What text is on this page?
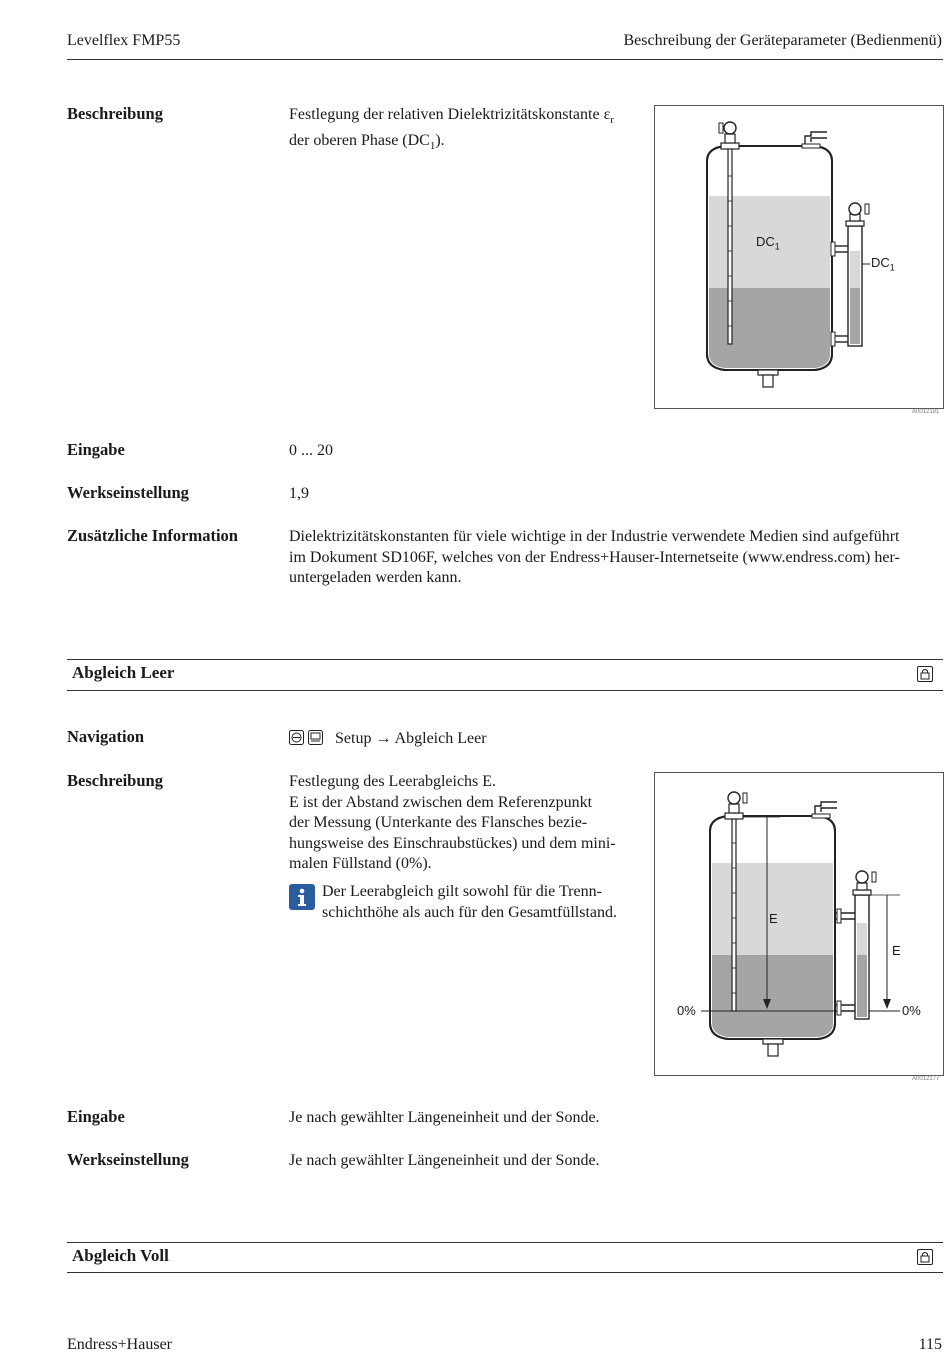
Levelflex FMP55	Beschreibung der Geräteparameter (Bedienmenü)
Beschreibung	Festlegung der relativen Dielektrizitätskonstante $\varepsilon_r$
der oberen Phase $(DC_1)$.
$DC_1$
$DC_1$
A0012181
Eingabe	0 ... 20
Werkseinstellung	1,9
Zusätzliche Information	Dielektrizitätskonstanten für viele wichtige in der Industrie verwendete Medien sind aufgeführt
im Dokument SD106F, welches von der Endress+Hauser-Internetseite (www.endress.com) her-
untergeladen werden kann.
Abgleich Leer
Navigation	Setup → Abgleich Leer
Beschreibung	Festlegung des Leerabgleichs E.
E ist der Abstand zwischen dem Referenzpunkt
der Messung (Unterkante des Flansches bezie-
hungsweise des Einschraubstückes) und dem mini-
malen Füllstand (0%).
Der Leerabgleich gilt sowohl für die Trenn-
schichthöhe als auch für den Gesamtfüllstand.	E
E
0%	0%
A0012177
Eingabe	Je nach gewählter Längeneinheit und der Sonde.
Werkseinstellung	Je nach gewählter Längeneinheit und der Sonde.
Abgleich Voll
Endress+Hauser	115
